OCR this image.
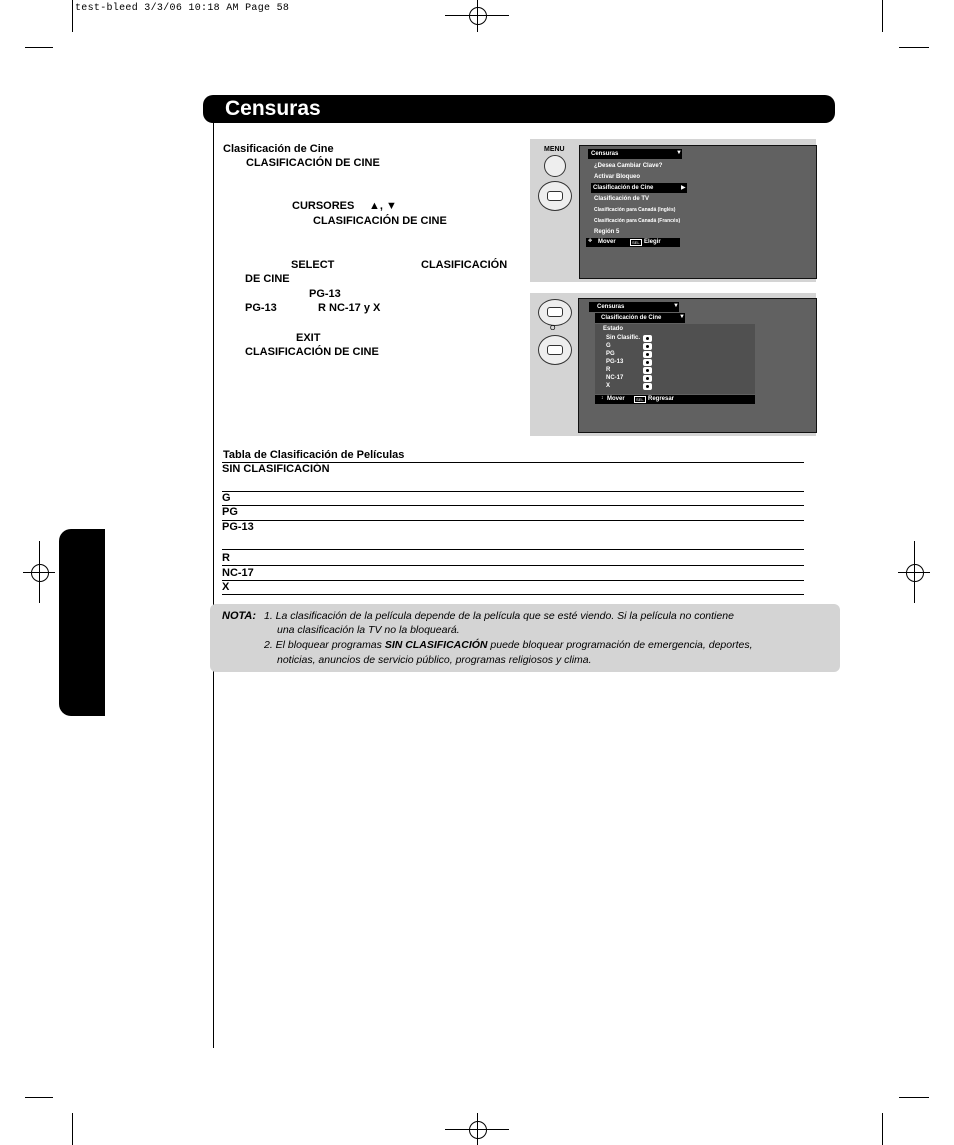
test-bleed 3/3/06 10:18 AM Page 58
Censuras
Clasificación de Cine
CLASIFICACIÓN DE CINE
CURSORES ▲, ▼
CLASIFICACIÓN DE CINE
SELECT	CLASIFICACIÓN
DE CINE
PG-13
PG-13	R NC-17 y X
EXIT
CLASIFICACIÓN DE CINE
MENU
Censuras	▼
¿Desea Cambiar Clave?
Activar Bloqueo
Clasificación de Cine	▶
Clasificación de TV
Clasificación para Canadá (Inglés)
Clasificación para Canadá (Francés)
Región 5
✥ Mover	SEL Elegir
O
Censuras	▼
Clasificación de Cine	▼
Estado
Sin Clasific.
G
PG
PG-13
R
NC-17
X
↕ Mover	SEL Regresar
Tabla de Clasificación de Películas
SIN CLASIFICACIÓN
G
PG
PG-13
R
NC-17
X
NOTA: 1. La clasificación de la película depende de la película que se esté viendo. Si la película no contiene
una clasificación la TV no la bloqueará.
2. El bloquear programas SIN CLASIFICACIÓN puede bloquear programación de emergencia, deportes,
noticias, anuncios de servicio público, programas religiosos y clima.
